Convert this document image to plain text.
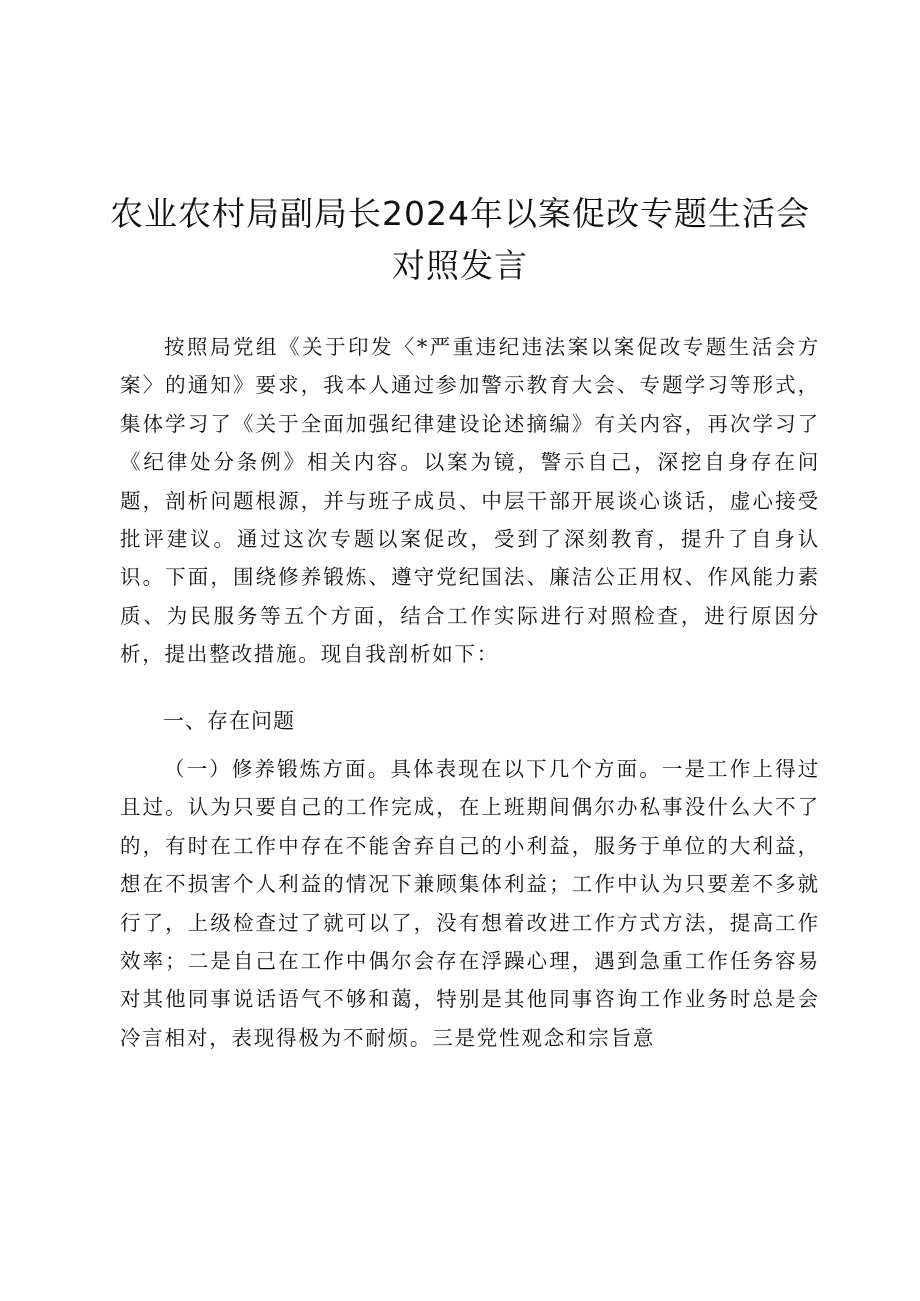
农业农村局副局长2024年以案促改专题生活会
对照发言

按照局党组《关于印发〈*严重违纪违法案以案促改专题生活会方案〉的通知》要求，我本人通过参加警示教育大会、专题学习等形式，集体学习了《关于全面加强纪律建设论述摘编》有关内容，再次学习了《纪律处分条例》相关内容。以案为镜，警示自己，深挖自身存在问题，剖析问题根源，并与班子成员、中层干部开展谈心谈话，虚心接受批评建议。通过这次专题以案促改，受到了深刻教育，提升了自身认识。下面，围绕修养锻炼、遵守党纪国法、廉洁公正用权、作风能力素质、为民服务等五个方面，结合工作实际进行对照检查，进行原因分析，提出整改措施。现自我剖析如下：

一、存在问题

（一）修养锻炼方面。具体表现在以下几个方面。一是工作上得过且过。认为只要自己的工作完成，在上班期间偶尔办私事没什么大不了的，有时在工作中存在不能舍弃自己的小利益，服务于单位的大利益，想在不损害个人利益的情况下兼顾集体利益；工作中认为只要差不多就行了，上级检查过了就可以了，没有想着改进工作方式方法，提高工作效率；二是自己在工作中偶尔会存在浮躁心理，遇到急重工作任务容易对其他同事说话语气不够和蔼，特别是其他同事咨询工作业务时总是会冷言相对，表现得极为不耐烦。三是党性观念和宗旨意
